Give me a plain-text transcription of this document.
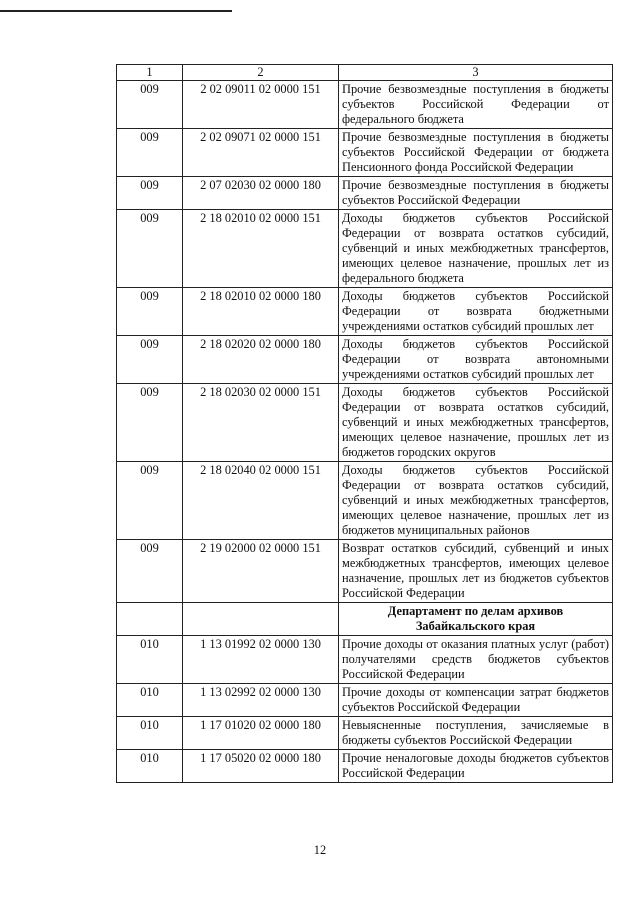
1	2	3
009	2 02 09011 02 0000 151	Прочие безвозмездные поступления в бюджеты субъектов Российской Федерации от федерального бюджета
009	2 02 09071 02 0000 151	Прочие безвозмездные поступления в бюджеты субъектов Российской Федерации от бюджета Пенсионного фонда Российской Федерации
009	2 07 02030 02 0000 180	Прочие безвозмездные поступления в бюджеты субъектов Российской Федерации
009	2 18 02010 02 0000 151	Доходы бюджетов субъектов Российской Федерации от возврата остатков субсидий, субвенций и иных межбюджетных трансфертов, имеющих целевое назначение, прошлых лет из федерального бюджета
009	2 18 02010 02 0000 180	Доходы бюджетов субъектов Российской Федерации от возврата бюджетными учреждениями остатков субсидий прошлых лет
009	2 18 02020 02 0000 180	Доходы бюджетов субъектов Российской Федерации от возврата автономными учреждениями остатков субсидий прошлых лет
009	2 18 02030 02 0000 151	Доходы бюджетов субъектов Российской Федерации от возврата остатков субсидий, субвенций и иных межбюджетных трансфертов, имеющих целевое назначение, прошлых лет из бюджетов городских округов
009	2 18 02040 02 0000 151	Доходы бюджетов субъектов Российской Федерации от возврата остатков субсидий, субвенций и иных межбюджетных трансфертов, имеющих целевое назначение, прошлых лет из бюджетов муниципальных районов
009	2 19 02000 02 0000 151	Возврат остатков субсидий, субвенций и иных межбюджетных трансфертов, имеющих целевое назначение, прошлых лет из бюджетов субъектов Российской Федерации
		Департамент по делам архивов
Забайкальского края
010	1 13 01992 02 0000 130	Прочие доходы от оказания платных услуг (работ) получателями средств бюджетов субъектов Российской Федерации
010	1 13 02992 02 0000 130	Прочие доходы от компенсации затрат бюджетов субъектов Российской Федерации
010	1 17 01020 02 0000 180	Невыясненные поступления, зачисляемые в бюджеты субъектов Российской Федерации
010	1 17 05020 02 0000 180	Прочие неналоговые доходы бюджетов субъектов Российской Федерации
12
